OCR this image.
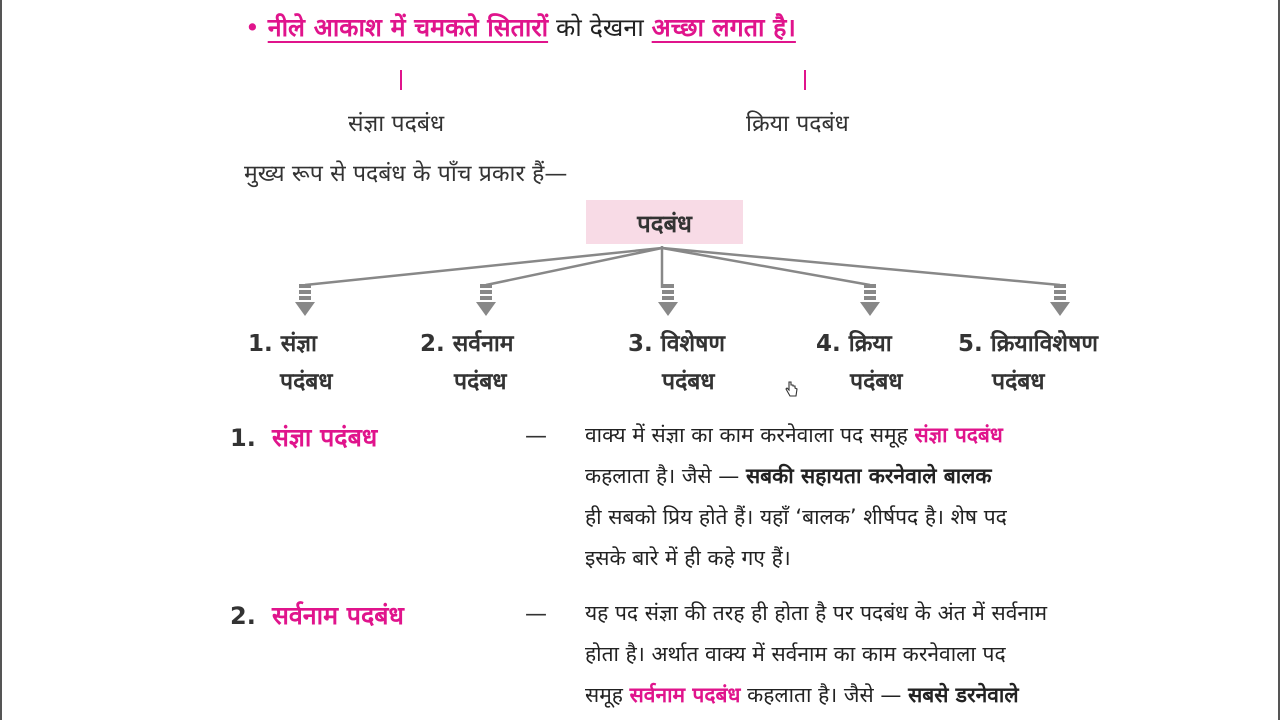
• नीले आकाश में चमकते सितारों को देखना अच्छा लगता है।
संज्ञा पदबंध	क्रिया पदबंध
मुख्य रूप से पदबंध के पाँच प्रकार हैं—
पदबंध
1. संज्ञा
पदंबध
2. सर्वनाम
पदंबध
3. विशेषण
पदंबध
4. क्रिया
पदंबध
5. क्रियाविशेषण
पदंबध
1. संज्ञा पदंबध	— वाक्य में संज्ञा का काम करनेवाला पद समूह संज्ञा पदबंध
कहलाता है। जैसे — सबकी सहायता करनेवाले बालक
ही सबको प्रिय होते हैं। यहाँ ‘बालक’ शीर्षपद है। शेष पद
इसके बारे में ही कहे गए हैं।
2. सर्वनाम पदबंध	— यह पद संज्ञा की तरह ही होता है पर पदबंध के अंत में सर्वनाम
होता है। अर्थात वाक्य में सर्वनाम का काम करनेवाला पद
समूह सर्वनाम पदबंध कहलाता है। जैसे — सबसे डरनेवाले
